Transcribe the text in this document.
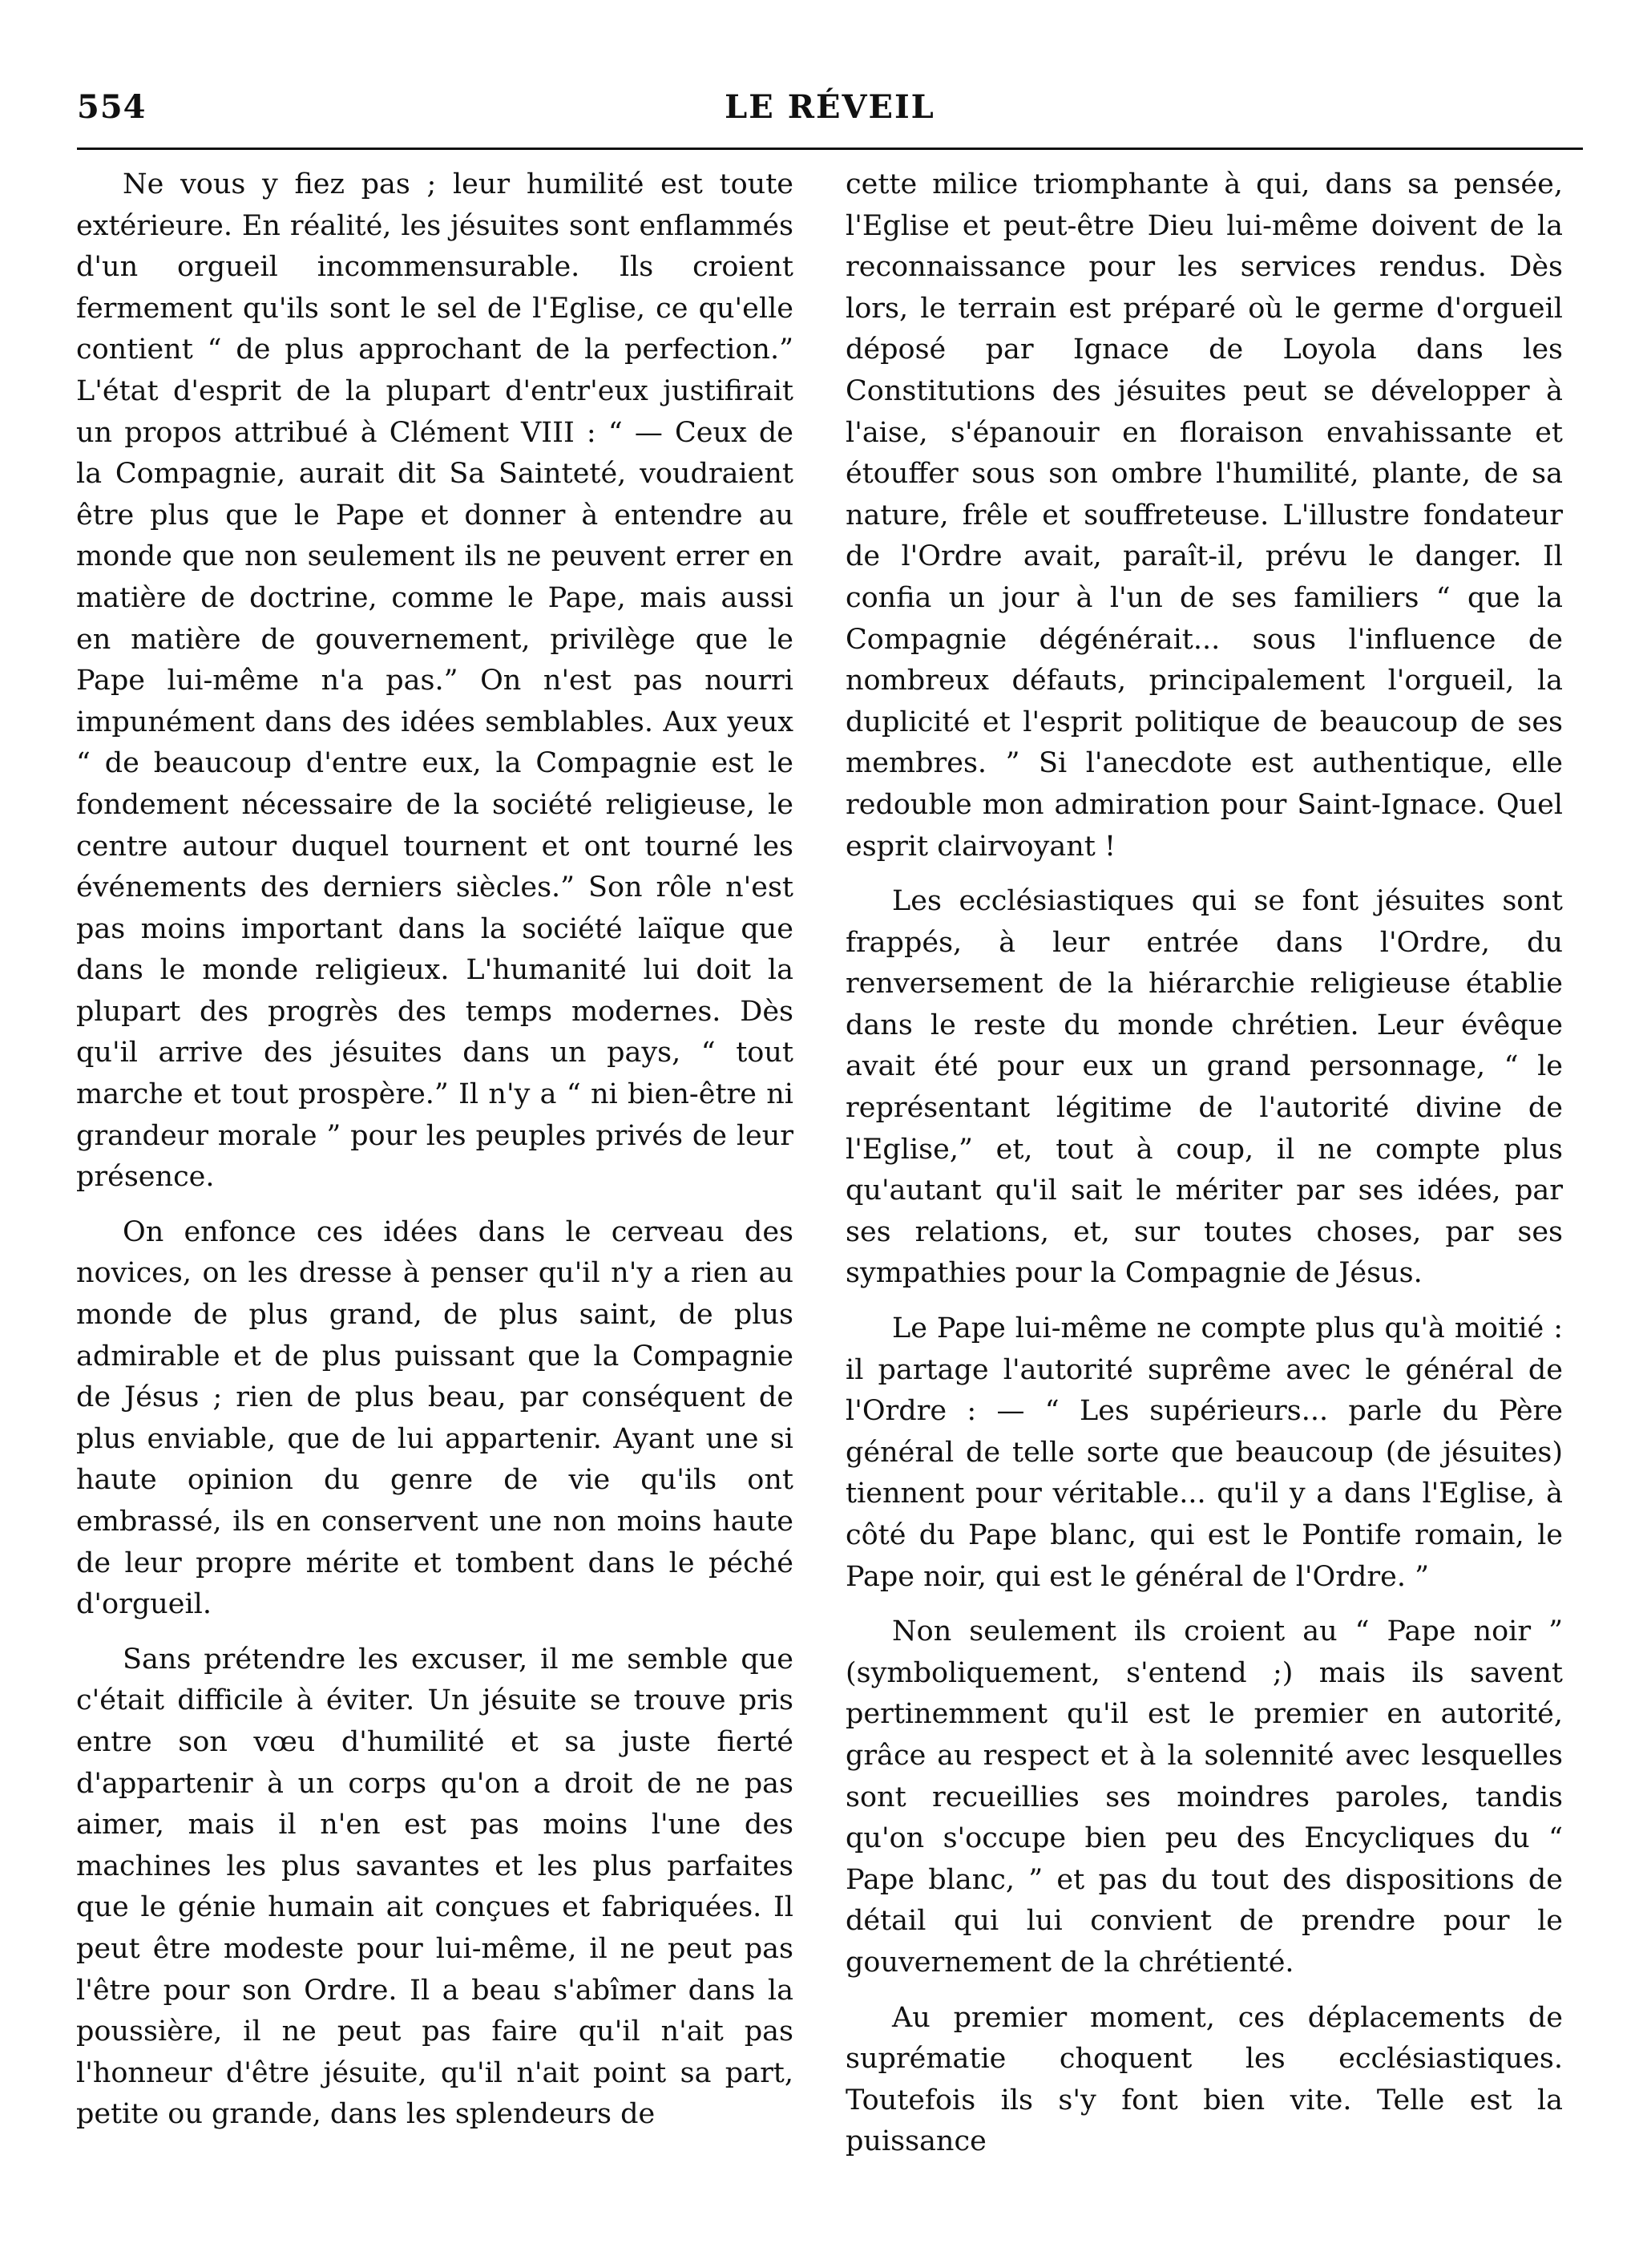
554	LE RÉVEIL

Ne vous y fiez pas ; leur humilité est toute extérieure. En réalité, les jésuites sont enflammés d'un orgueil incommensurable. Ils croient fermement qu'ils sont le sel de l'Eglise, ce qu'elle contient “ de plus approchant de la perfection.” L'état d'esprit de la plupart d'entr'eux justifirait un propos attribué à Clément VIII : “ — Ceux de la Compagnie, aurait dit Sa Sainteté, voudraient être plus que le Pape et donner à entendre au monde que non seulement ils ne peuvent errer en matière de doctrine, comme le Pape, mais aussi en matière de gouvernement, privilège que le Pape lui-même n'a pas.” On n'est pas nourri impunément dans des idées semblables. Aux yeux “ de beaucoup d'entre eux, la Compagnie est le fondement nécessaire de la société religieuse, le centre autour duquel tournent et ont tourné les événements des derniers siècles.” Son rôle n'est pas moins important dans la société laïque que dans le monde religieux. L'humanité lui doit la plupart des progrès des temps modernes. Dès qu'il arrive des jésuites dans un pays, “ tout marche et tout prospère.” Il n'y a “ ni bien-être ni grandeur morale ” pour les peuples privés de leur présence.

On enfonce ces idées dans le cerveau des novices, on les dresse à penser qu'il n'y a rien au monde de plus grand, de plus saint, de plus admirable et de plus puissant que la Compagnie de Jésus ; rien de plus beau, par conséquent de plus enviable, que de lui appartenir. Ayant une si haute opinion du genre de vie qu'ils ont embrassé, ils en conservent une non moins haute de leur propre mérite et tombent dans le péché d'orgueil.

Sans prétendre les excuser, il me semble que c'était difficile à éviter. Un jésuite se trouve pris entre son vœu d'humilité et sa juste fierté d'appartenir à un corps qu'on a droit de ne pas aimer, mais il n'en est pas moins l'une des machines les plus savantes et les plus parfaites que le génie humain ait conçues et fabriquées. Il peut être modeste pour lui-même, il ne peut pas l'être pour son Ordre. Il a beau s'abîmer dans la poussière, il ne peut pas faire qu'il n'ait pas l'honneur d'être jésuite, qu'il n'ait point sa part, petite ou grande, dans les splendeurs de

cette milice triomphante à qui, dans sa pensée, l'Eglise et peut-être Dieu lui-même doivent de la reconnaissance pour les services rendus. Dès lors, le terrain est préparé où le germe d'orgueil déposé par Ignace de Loyola dans les Constitutions des jésuites peut se développer à l'aise, s'épanouir en floraison envahissante et étouffer sous son ombre l'humilité, plante, de sa nature, frêle et souffreteuse. L'illustre fondateur de l'Ordre avait, paraît-il, prévu le danger. Il confia un jour à l'un de ses familiers “ que la Compagnie dégénérait... sous l'influence de nombreux défauts, principalement l'orgueil, la duplicité et l'esprit politique de beaucoup de ses membres. ” Si l'anecdote est authentique, elle redouble mon admiration pour Saint-Ignace. Quel esprit clairvoyant !

Les ecclésiastiques qui se font jésuites sont frappés, à leur entrée dans l'Ordre, du renversement de la hiérarchie religieuse établie dans le reste du monde chrétien. Leur évêque avait été pour eux un grand personnage, “ le représentant légitime de l'autorité divine de l'Eglise,” et, tout à coup, il ne compte plus qu'autant qu'il sait le mériter par ses idées, par ses relations, et, sur toutes choses, par ses sympathies pour la Compagnie de Jésus.

Le Pape lui-même ne compte plus qu'à moitié : il partage l'autorité suprême avec le général de l'Ordre : — “ Les supérieurs... parle du Père général de telle sorte que beaucoup (de jésuites) tiennent pour véritable... qu'il y a dans l'Eglise, à côté du Pape blanc, qui est le Pontife romain, le Pape noir, qui est le général de l'Ordre. ”

Non seulement ils croient au “ Pape noir ” (symboliquement, s'entend ;) mais ils savent pertinemment qu'il est le premier en autorité, grâce au respect et à la solennité avec lesquelles sont recueillies ses moindres paroles, tandis qu'on s'occupe bien peu des Encycliques du “ Pape blanc, ” et pas du tout des dispositions de détail qui lui convient de prendre pour le gouvernement de la chrétienté.

Au premier moment, ces déplacements de suprématie choquent les ecclésiastiques. Toutefois ils s'y font bien vite. Telle est la puissance
